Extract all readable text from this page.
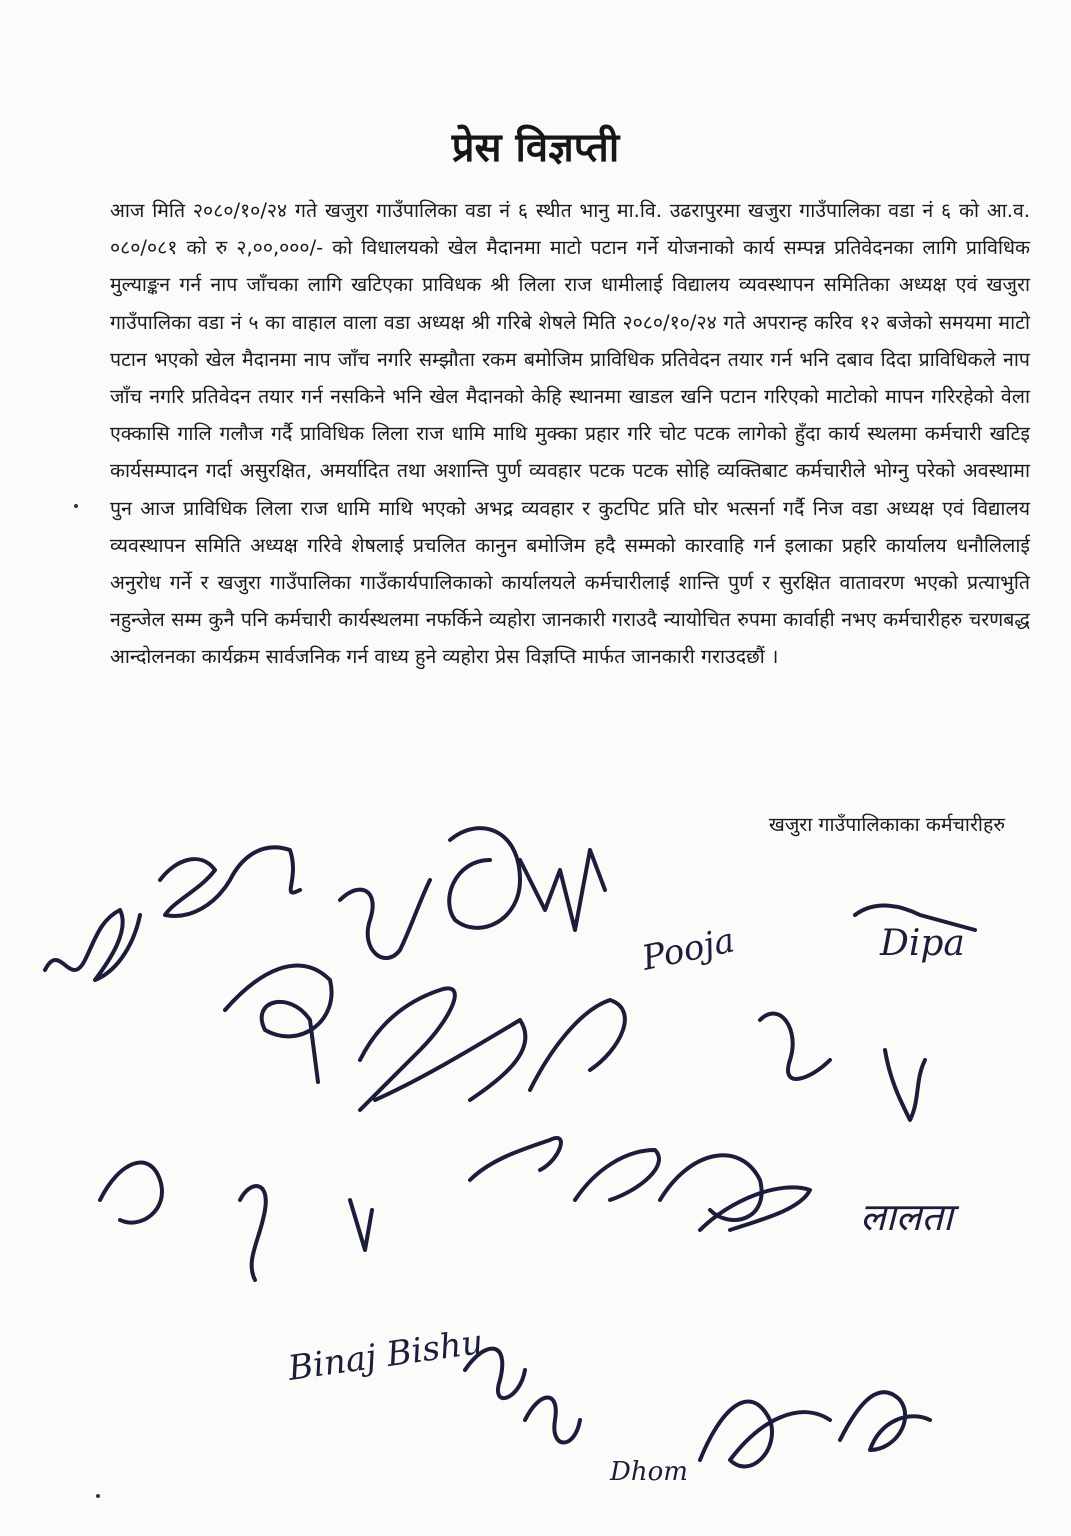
प्रेस विज्ञप्ती

आज मिति २०८०/१०/२४ गते खजुरा गाउँपालिका वडा नं ६ स्थीत भानु मा.वि. उढरापुरमा खजुरा गाउँपालिका वडा नं ६ को आ.व. ०८०/०८१ को रु २,००,०००/- को विधालयको खेल मैदानमा माटो पटान गर्ने योजनाको कार्य सम्पन्न प्रतिवेदनका लागि प्राविधिक मुल्याङ्कन गर्न नाप जाँचका लागि खटिएका प्राविधक श्री लिला राज धामीलाई विद्यालय व्यवस्थापन समितिका अध्यक्ष एवं खजुरा गाउँपालिका वडा नं ५ का वाहाल वाला वडा अध्यक्ष श्री गरिबे शेषले मिति २०८०/१०/२४ गते अपरान्ह करिव १२ बजेको समयमा माटो पटान भएको खेल मैदानमा नाप जाँच नगरि सम्झौता रकम बमोजिम प्राविधिक प्रतिवेदन तयार गर्न भनि दबाव दिदा प्राविधिकले नाप जाँच नगरि प्रतिवेदन तयार गर्न नसकिने भनि खेल मैदानको केहि स्थानमा खाडल खनि पटान गरिएको माटोको मापन गरिरहेको वेला एक्कासि गालि गलौज गर्दै प्राविधिक लिला राज धामि माथि मुक्का प्रहार गरि चोट पटक लागेको हुँदा कार्य स्थलमा कर्मचारी खटिइ कार्यसम्पादन गर्दा असुरक्षित, अमर्यादित तथा अशान्ति पुर्ण व्यवहार पटक पटक सोहि व्यक्तिबाट कर्मचारीले भोग्नु परेको अवस्थामा पुन आज प्राविधिक लिला राज धामि माथि भएको अभद्र व्यवहार र कुटपिट प्रति घोर भत्सर्ना गर्दै निज वडा अध्यक्ष एवं विद्यालय व्यवस्थापन समिति अध्यक्ष गरिवे शेषलाई प्रचलित कानुन बमोजिम हदै सम्मको कारवाहि गर्न इलाका प्रहरि कार्यालय धनौलिलाई अनुरोध गर्ने र खजुरा गाउँपालिका गाउँकार्यपालिकाको कार्यालयले कर्मचारीलाई शान्ति पुर्ण र सुरक्षित वातावरण भएको प्रत्याभुति नहुन्जेल सम्म कुनै पनि कर्मचारी कार्यस्थलमा नफर्किने व्यहोरा जानकारी गराउदै न्यायोचित रुपमा कार्वाही नभए कर्मचारीहरु चरणबद्ध आन्दोलनका कार्यक्रम सार्वजनिक गर्न वाध्य हुने व्यहोरा प्रेस विज्ञप्ति मार्फत जानकारी गराउदछौं ।

खजुरा गाउँपालिकाका कर्मचारीहरु
Pooja	Dipa
लालता
Binaj Bishu
Dhom
